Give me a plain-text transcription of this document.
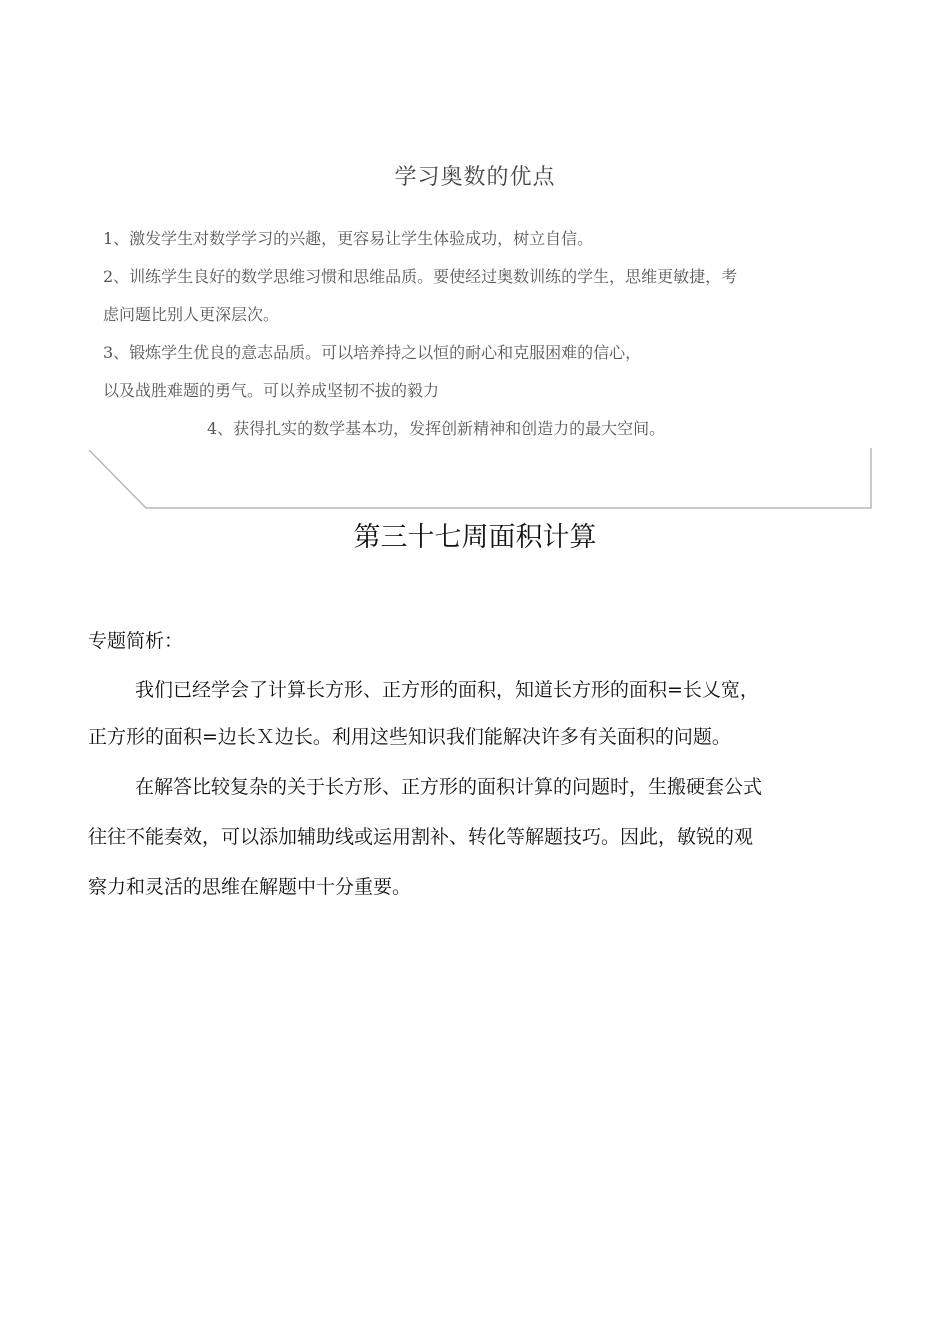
学习奥数的优点
1、激发学生对数学学习的兴趣，更容易让学生体验成功，树立自信。
2、训练学生良好的数学思维习惯和思维品质。要使经过奥数训练的学生，思维更敏捷，考
虑问题比别人更深层次。
3、锻炼学生优良的意志品质。可以培养持之以恒的耐心和克服困难的信心，
以及战胜难题的勇气。可以养成坚韧不拔的毅力
4、获得扎实的数学基本功，发挥创新精神和创造力的最大空间。
第三十七周面积计算
专题简析：
我们已经学会了计算长方形、正方形的面积，知道长方形的面积=长乂宽，
正方形的面积=边长Ｘ边长。利用这些知识我们能解决许多有关面积的问题。
在解答比较复杂的关于长方形、正方形的面积计算的问题时，生搬硬套公式
往往不能奏效，可以添加辅助线或运用割补、转化等解题技巧。因此，敏锐的观
察力和灵活的思维在解题中十分重要。
